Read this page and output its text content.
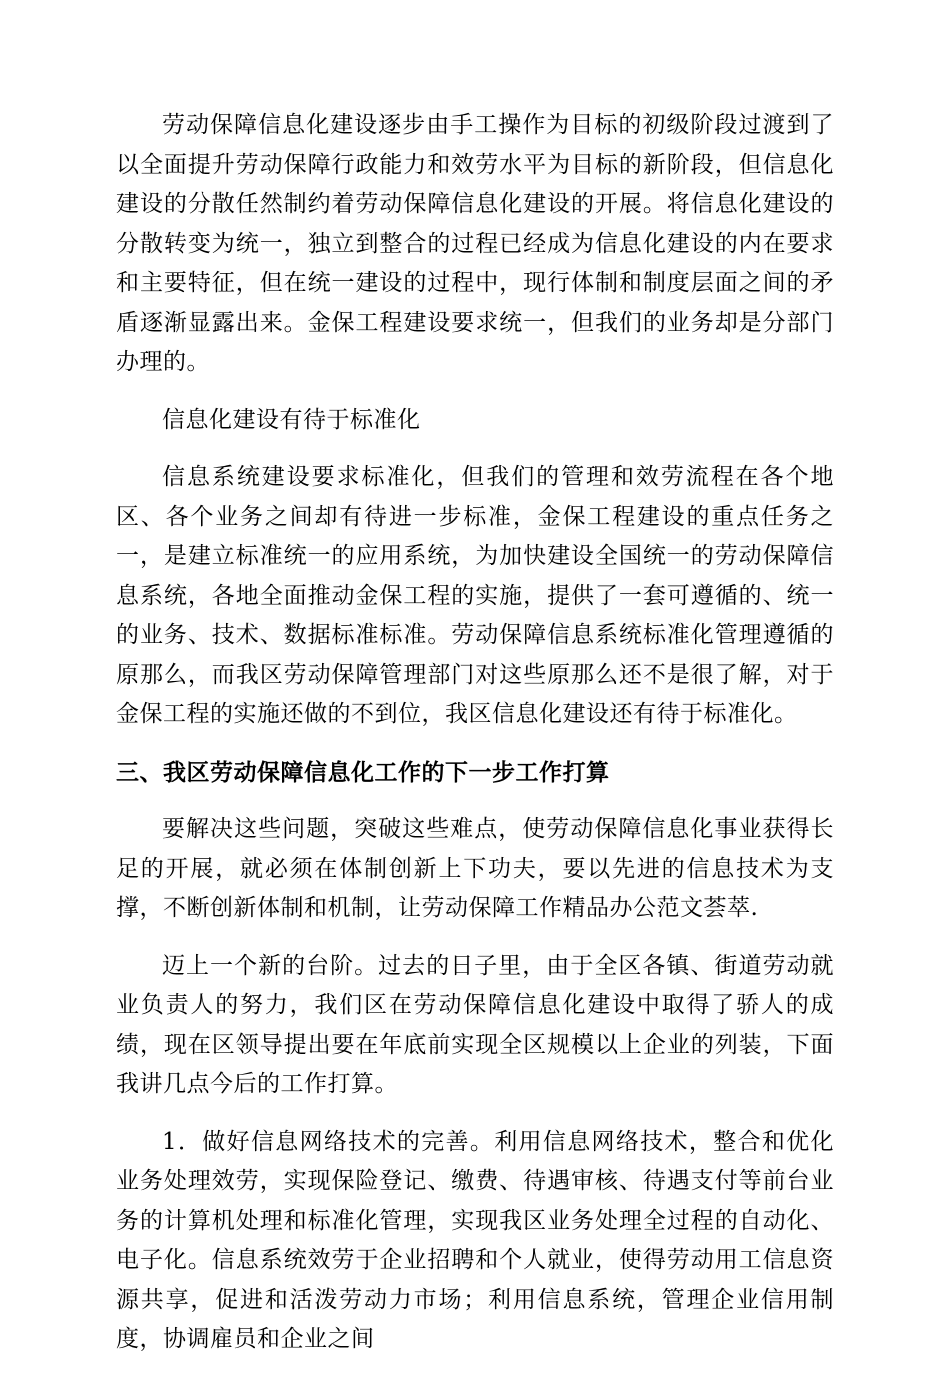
劳动保障信息化建设逐步由手工操作为目标的初级阶段过渡到了以全面提升劳动保障行政能力和效劳水平为目标的新阶段，但信息化建设的分散任然制约着劳动保障信息化建设的开展。将信息化建设的分散转变为统一，独立到整合的过程已经成为信息化建设的内在要求和主要特征，但在统一建设的过程中，现行体制和制度层面之间的矛盾逐渐显露出来。金保工程建设要求统一，但我们的业务却是分部门办理的。

信息化建设有待于标准化

信息系统建设要求标准化，但我们的管理和效劳流程在各个地区、各个业务之间却有待进一步标准，金保工程建设的重点任务之一，是建立标准统一的应用系统，为加快建设全国统一的劳动保障信息系统，各地全面推动金保工程的实施，提供了一套可遵循的、统一的业务、技术、数据标准标准。劳动保障信息系统标准化管理遵循的原那么，而我区劳动保障管理部门对这些原那么还不是很了解，对于金保工程的实施还做的不到位，我区信息化建设还有待于标准化。

三、我区劳动保障信息化工作的下一步工作打算

要解决这些问题，突破这些难点，使劳动保障信息化事业获得长足的开展，就必须在体制创新上下功夫，要以先进的信息技术为支撑，不断创新体制和机制，让劳动保障工作精品办公范文荟萃.

迈上一个新的台阶。过去的日子里，由于全区各镇、街道劳动就业负责人的努力，我们区在劳动保障信息化建设中取得了骄人的成绩，现在区领导提出要在年底前实现全区规模以上企业的列装，下面我讲几点今后的工作打算。

1．做好信息网络技术的完善。利用信息网络技术，整合和优化业务处理效劳，实现保险登记、缴费、待遇审核、待遇支付等前台业务的计算机处理和标准化管理，实现我区业务处理全过程的自动化、电子化。信息系统效劳于企业招聘和个人就业，使得劳动用工信息资源共享，促进和活泼劳动力市场；利用信息系统，管理企业信用制度，协调雇员和企业之间
